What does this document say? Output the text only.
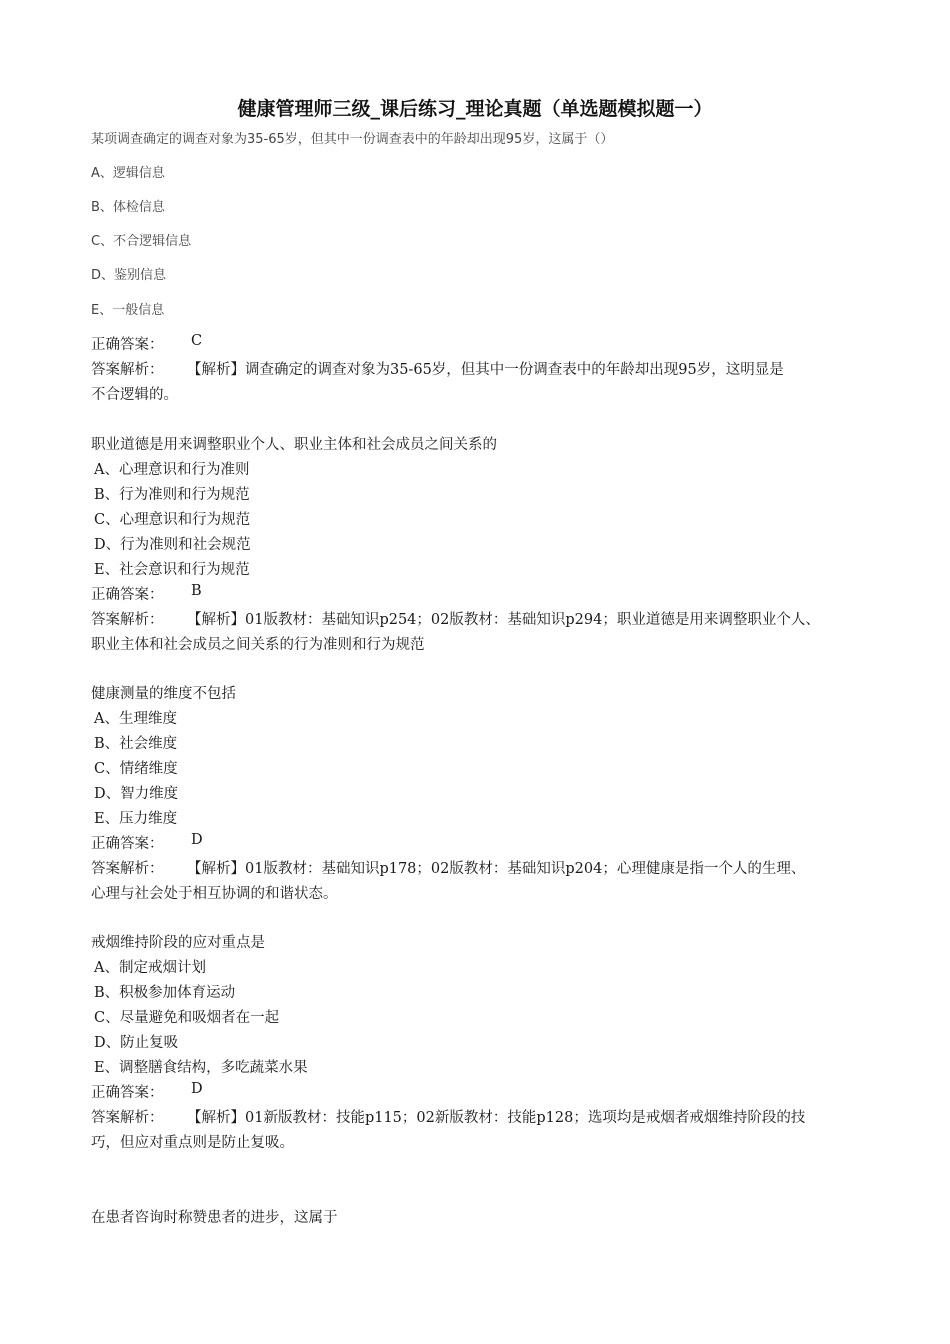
健康管理师三级_课后练习_理论真题（单选题模拟题一）
某项调查确定的调查对象为35-65岁，但其中一份调查表中的年龄却出现95岁，这属于（）
A、逻辑信息
B、体检信息
C、不合逻辑信息
D、鉴别信息
E、一般信息
正确答案： C
答案解析： 【解析】调查确定的调查对象为35-65岁，但其中一份调查表中的年龄却出现95岁，这明显是
不合逻辑的。
职业道德是用来调整职业个人、职业主体和社会成员之间关系的
A、心理意识和行为准则
B、行为准则和行为规范
C、心理意识和行为规范
D、行为准则和社会规范
E、社会意识和行为规范
正确答案： B
答案解析： 【解析】01版教材：基础知识p254；02版教材：基础知识p294；职业道德是用来调整职业个人、
职业主体和社会成员之间关系的行为准则和行为规范
健康测量的维度不包括
A、生理维度
B、社会维度
C、情绪维度
D、智力维度
E、压力维度
正确答案： D
答案解析： 【解析】01版教材：基础知识p178；02版教材：基础知识p204；心理健康是指一个人的生理、
心理与社会处于相互协调的和谐状态。
戒烟维持阶段的应对重点是
A、制定戒烟计划
B、积极参加体育运动
C、尽量避免和吸烟者在一起
D、防止复吸
E、调整膳食结构，多吃蔬菜水果
正确答案： D
答案解析： 【解析】01新版教材：技能p115；02新版教材：技能p128；选项均是戒烟者戒烟维持阶段的技
巧，但应对重点则是防止复吸。
在患者咨询时称赞患者的进步，这属于
